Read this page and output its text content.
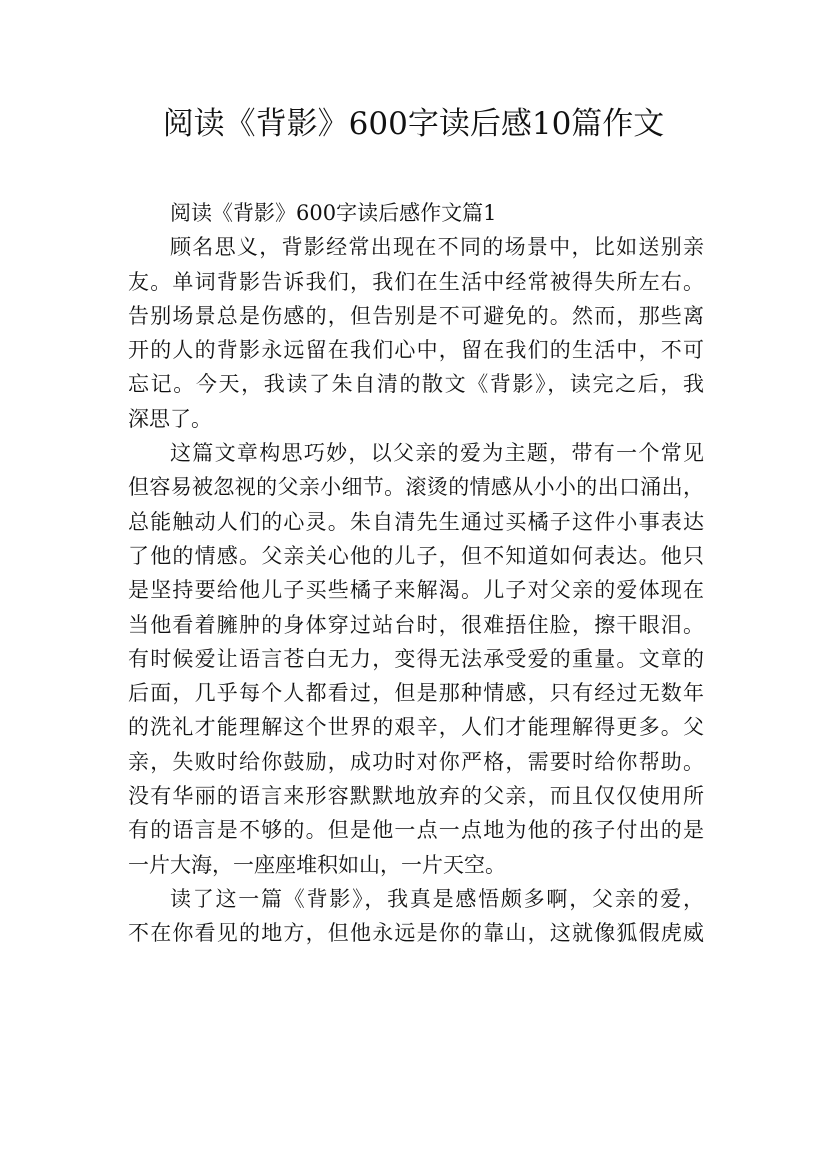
阅读《背影》600字读后感10篇作文
阅读《背影》600字读后感作文篇1
顾名思义，背影经常出现在不同的场景中，比如送别亲
友。单词背影告诉我们，我们在生活中经常被得失所左右。
告别场景总是伤感的，但告别是不可避免的。然而，那些离
开的人的背影永远留在我们心中，留在我们的生活中，不可
忘记。今天，我读了朱自清的散文《背影》，读完之后，我
深思了。
这篇文章构思巧妙，以父亲的爱为主题，带有一个常见
但容易被忽视的父亲小细节。滚烫的情感从小小的出口涌出，
总能触动人们的心灵。朱自清先生通过买橘子这件小事表达
了他的情感。父亲关心他的儿子，但不知道如何表达。他只
是坚持要给他儿子买些橘子来解渴。儿子对父亲的爱体现在
当他看着臃肿的身体穿过站台时，很难捂住脸，擦干眼泪。
有时候爱让语言苍白无力，变得无法承受爱的重量。文章的
后面，几乎每个人都看过，但是那种情感，只有经过无数年
的洗礼才能理解这个世界的艰辛，人们才能理解得更多。父
亲，失败时给你鼓励，成功时对你严格，需要时给你帮助。
没有华丽的语言来形容默默地放弃的父亲，而且仅仅使用所
有的语言是不够的。但是他一点一点地为他的孩子付出的是
一片大海，一座座堆积如山，一片天空。
读了这一篇《背影》，我真是感悟颇多啊，父亲的爱，
不在你看见的地方，但他永远是你的靠山，这就像狐假虎威
